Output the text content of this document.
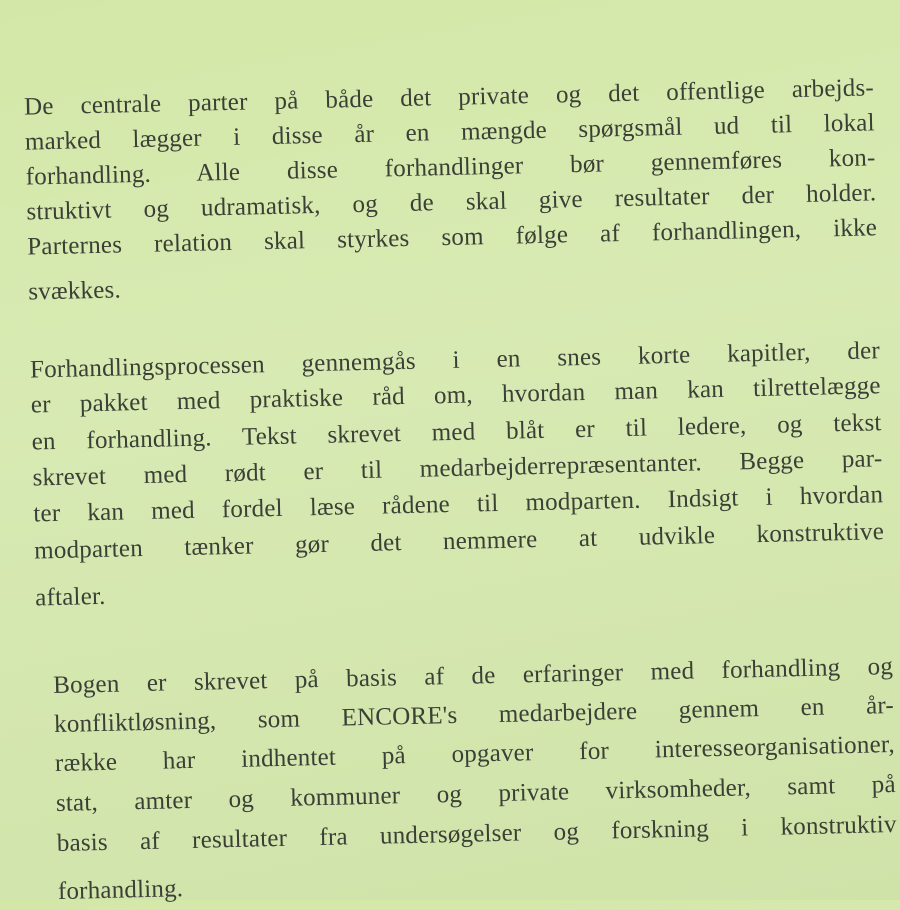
De centrale parter på både det private og det offentlige arbejds-
marked lægger i disse år en mængde spørgsmål ud til lokal
forhandling. Alle disse forhandlinger bør gennemføres kon-
struktivt og udramatisk, og de skal give resultater der holder.
Parternes relation skal styrkes som følge af forhandlingen, ikke
svækkes.
Forhandlingsprocessen gennemgås i en snes korte kapitler, der
er pakket med praktiske råd om, hvordan man kan tilrettelægge
en forhandling. Tekst skrevet med blåt er til ledere, og tekst
skrevet med rødt er til medarbejderrepræsentanter. Begge par-
ter kan med fordel læse rådene til modparten. Indsigt i hvordan
modparten tænker gør det nemmere at udvikle konstruktive
aftaler.
Bogen er skrevet på basis af de erfaringer med forhandling og
konfliktløsning, som ENCORE's medarbejdere gennem en år-
række har indhentet på opgaver for interesseorganisationer,
stat, amter og kommuner og private virksomheder, samt på
basis af resultater fra undersøgelser og forskning i konstruktiv
forhandling.
